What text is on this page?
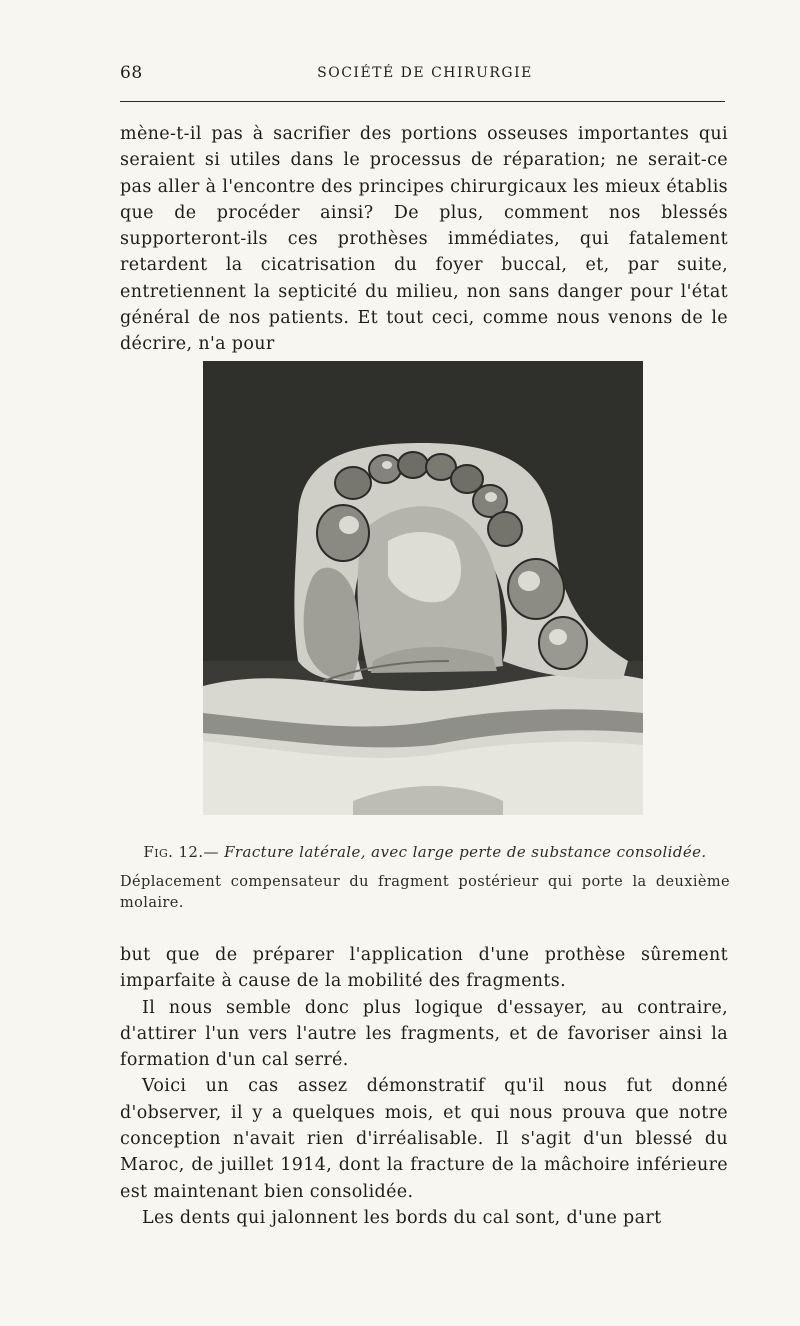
68	SOCIÉTÉ DE CHIRURGIE
mène-t-il pas à sacrifier des portions osseuses importantes qui seraient si utiles dans le processus de réparation; ne serait-ce pas aller à l'encontre des principes chirurgicaux les mieux établis que de procéder ainsi? De plus, comment nos blessés supporteront-ils ces prothèses immédiates, qui fatalement retardent la cicatrisation du foyer buccal, et, par suite, entretiennent la septicité du milieu, non sans danger pour l'état général de nos patients. Et tout ceci, comme nous venons de le décrire, n'a pour
Fig. 12.— Fracture latérale, avec large perte de substance consolidée.
Déplacement compensateur du fragment postérieur qui porte la deuxième molaire.

but que de préparer l'application d'une prothèse sûrement imparfaite à cause de la mobilité des fragments.

Il nous semble donc plus logique d'essayer, au contraire, d'attirer l'un vers l'autre les fragments, et de favoriser ainsi la formation d'un cal serré.

Voici un cas assez démonstratif qu'il nous fut donné d'observer, il y a quelques mois, et qui nous prouva que notre conception n'avait rien d'irréalisable. Il s'agit d'un blessé du Maroc, de juillet 1914, dont la fracture de la mâchoire inférieure est maintenant bien consolidée.

Les dents qui jalonnent les bords du cal sont, d'une part
